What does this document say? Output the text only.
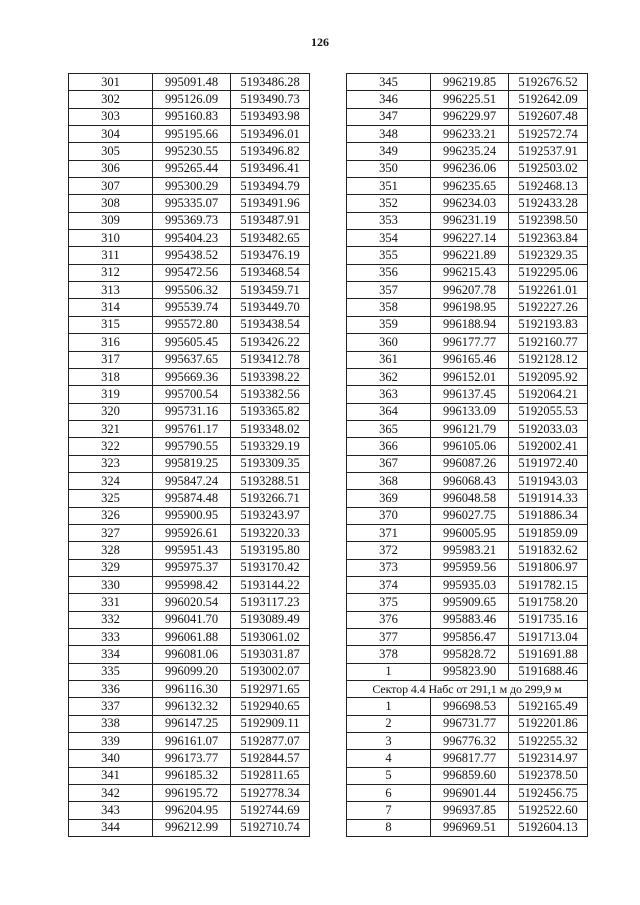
126
301	995091.48	5193486.28
302	995126.09	5193490.73
303	995160.83	5193493.98
304	995195.66	5193496.01
305	995230.55	5193496.82
306	995265.44	5193496.41
307	995300.29	5193494.79
308	995335.07	5193491.96
309	995369.73	5193487.91
310	995404.23	5193482.65
311	995438.52	5193476.19
312	995472.56	5193468.54
313	995506.32	5193459.71
314	995539.74	5193449.70
315	995572.80	5193438.54
316	995605.45	5193426.22
317	995637.65	5193412.78
318	995669.36	5193398.22
319	995700.54	5193382.56
320	995731.16	5193365.82
321	995761.17	5193348.02
322	995790.55	5193329.19
323	995819.25	5193309.35
324	995847.24	5193288.51
325	995874.48	5193266.71
326	995900.95	5193243.97
327	995926.61	5193220.33
328	995951.43	5193195.80
329	995975.37	5193170.42
330	995998.42	5193144.22
331	996020.54	5193117.23
332	996041.70	5193089.49
333	996061.88	5193061.02
334	996081.06	5193031.87
335	996099.20	5193002.07
336	996116.30	5192971.65
337	996132.32	5192940.65
338	996147.25	5192909.11
339	996161.07	5192877.07
340	996173.77	5192844.57
341	996185.32	5192811.65
342	996195.72	5192778.34
343	996204.95	5192744.69
344	996212.99	5192710.74
345	996219.85	5192676.52
346	996225.51	5192642.09
347	996229.97	5192607.48
348	996233.21	5192572.74
349	996235.24	5192537.91
350	996236.06	5192503.02
351	996235.65	5192468.13
352	996234.03	5192433.28
353	996231.19	5192398.50
354	996227.14	5192363.84
355	996221.89	5192329.35
356	996215.43	5192295.06
357	996207.78	5192261.01
358	996198.95	5192227.26
359	996188.94	5192193.83
360	996177.77	5192160.77
361	996165.46	5192128.12
362	996152.01	5192095.92
363	996137.45	5192064.21
364	996133.09	5192055.53
365	996121.79	5192033.03
366	996105.06	5192002.41
367	996087.26	5191972.40
368	996068.43	5191943.03
369	996048.58	5191914.33
370	996027.75	5191886.34
371	996005.95	5191859.09
372	995983.21	5191832.62
373	995959.56	5191806.97
374	995935.03	5191782.15
375	995909.65	5191758.20
376	995883.46	5191735.16
377	995856.47	5191713.04
378	995828.72	5191691.88
1	995823.90	5191688.46
Сектор 4.4 Набс от 291,1 м до 299,9 м		
1	996698.53	5192165.49
2	996731.77	5192201.86
3	996776.32	5192255.32
4	996817.77	5192314.97
5	996859.60	5192378.50
6	996901.44	5192456.75
7	996937.85	5192522.60
8	996969.51	5192604.13
